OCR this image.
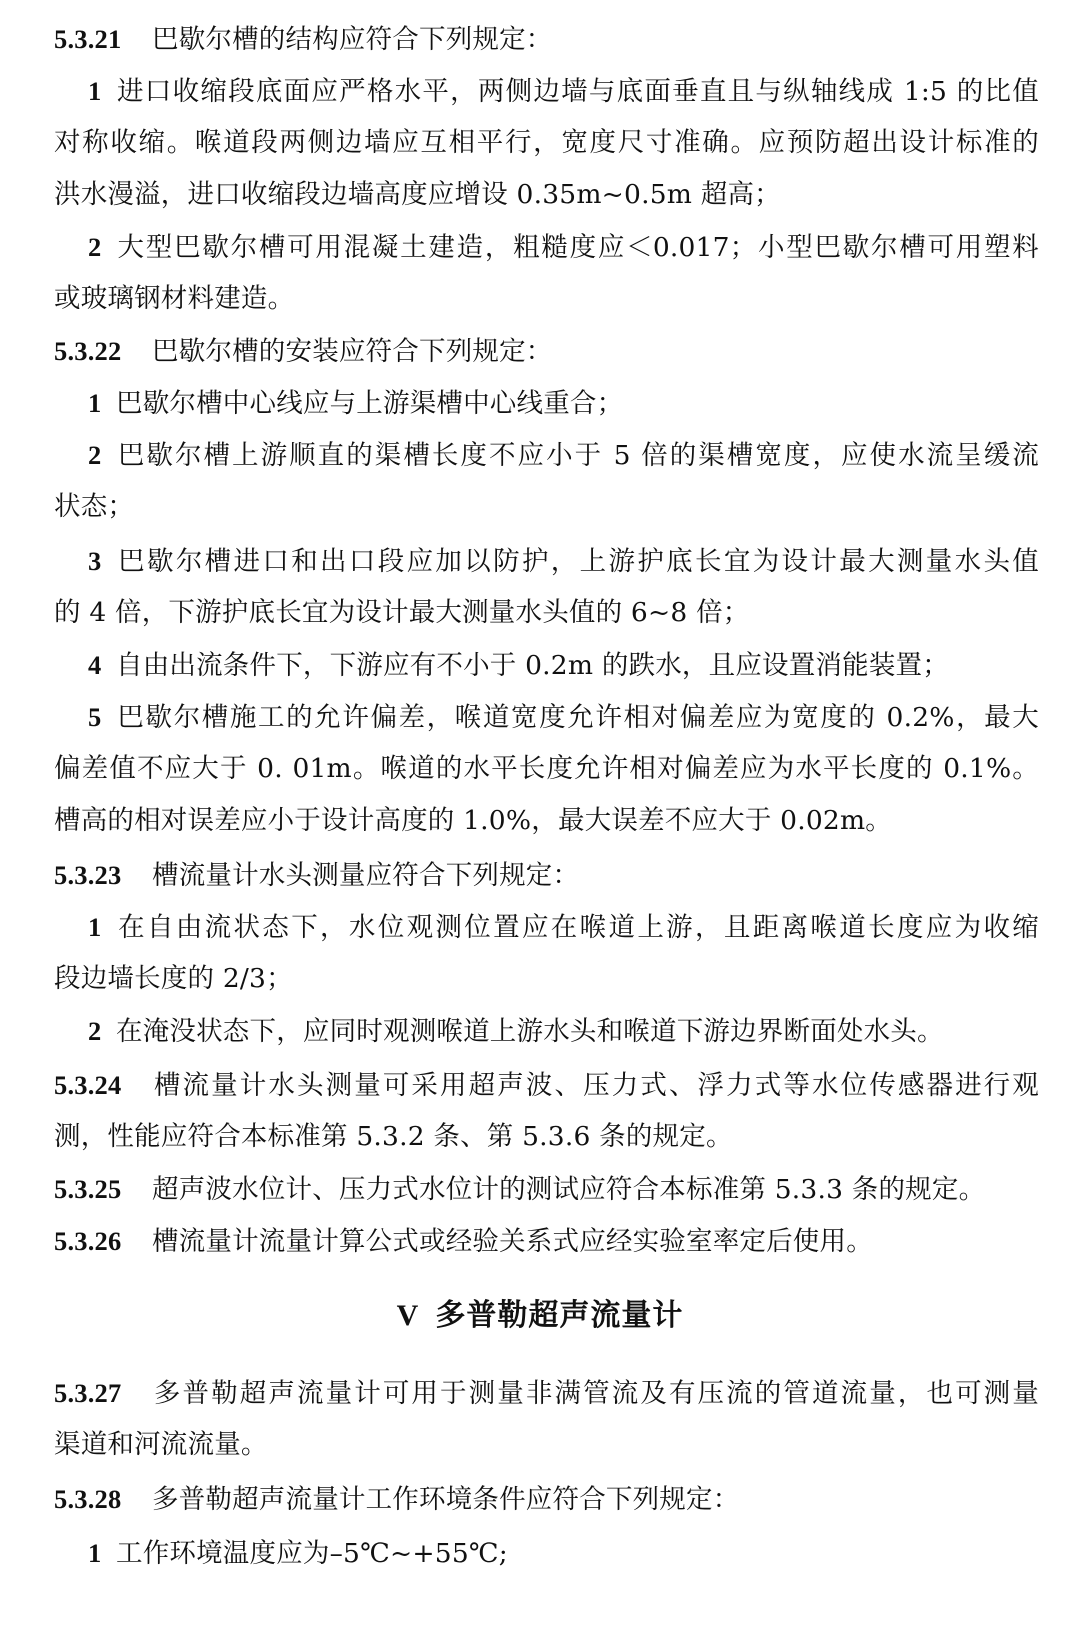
5.3.21 巴歇尔槽的结构应符合下列规定：
1 进口收缩段底面应严格水平，两侧边墙与底面垂直且与纵轴线成 1:5 的比值
对称收缩。喉道段两侧边墙应互相平行，宽度尺寸准确。应预防超出设计标准的
洪水漫溢，进口收缩段边墙高度应增设 0.35m~0.5m 超高；
2 大型巴歇尔槽可用混凝土建造，粗糙度应＜0.017；小型巴歇尔槽可用塑料
或玻璃钢材料建造。
5.3.22 巴歇尔槽的安装应符合下列规定：
1 巴歇尔槽中心线应与上游渠槽中心线重合；
2 巴歇尔槽上游顺直的渠槽长度不应小于 5 倍的渠槽宽度，应使水流呈缓流
状态；
3 巴歇尔槽进口和出口段应加以防护，上游护底长宜为设计最大测量水头值
的 4 倍，下游护底长宜为设计最大测量水头值的 6~8 倍；
4 自由出流条件下，下游应有不小于 0.2m 的跌水，且应设置消能装置；
5 巴歇尔槽施工的允许偏差，喉道宽度允许相对偏差应为宽度的 0.2%，最大
偏差值不应大于 0. 01m。喉道的水平长度允许相对偏差应为水平长度的 0.1%。
槽高的相对误差应小于设计高度的 1.0%，最大误差不应大于 0.02m。
5.3.23 槽流量计水头测量应符合下列规定：
1 在自由流状态下，水位观测位置应在喉道上游，且距离喉道长度应为收缩
段边墙长度的 2/3；
2 在淹没状态下，应同时观测喉道上游水头和喉道下游边界断面处水头。
5.3.24 槽流量计水头测量可采用超声波、压力式、浮力式等水位传感器进行观
测，性能应符合本标准第 5.3.2 条、第 5.3.6 条的规定。
5.3.25 超声波水位计、压力式水位计的测试应符合本标准第 5.3.3 条的规定。
5.3.26 槽流量计流量计算公式或经验关系式应经实验室率定后使用。
V 多普勒超声流量计
5.3.27 多普勒超声流量计可用于测量非满管流及有压流的管道流量，也可测量
渠道和河流流量。
5.3.28 多普勒超声流量计工作环境条件应符合下列规定：
1 工作环境温度应为–5℃~+55℃;
